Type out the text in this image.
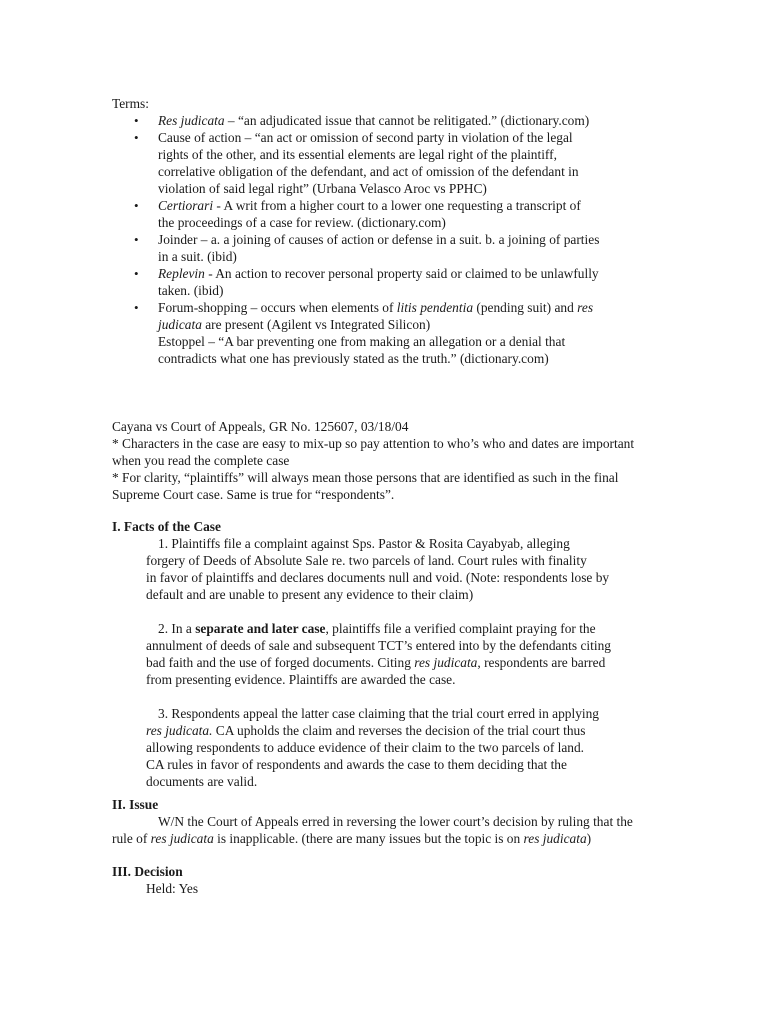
Terms:

• Res judicata – “an adjudicated issue that cannot be relitigated.” (dictionary.com)
• Cause of action – “an act or omission of second party in violation of the legal
rights of the other, and its essential elements are legal right of the plaintiff,
correlative obligation of the defendant, and act of omission of the defendant in
violation of said legal right” (Urbana Velasco Aroc vs PPHC)
• Certiorari - A writ from a higher court to a lower one requesting a transcript of
the proceedings of a case for review. (dictionary.com)
• Joinder – a. a joining of causes of action or defense in a suit. b. a joining of parties
in a suit. (ibid)
• Replevin - An action to recover personal property said or claimed to be unlawfully
taken. (ibid)
• Forum-shopping – occurs when elements of litis pendentia (pending suit) and res
judicata are present (Agilent vs Integrated Silicon)
Estoppel – “A bar preventing one from making an allegation or a denial that
contradicts what one has previously stated as the truth.” (dictionary.com)

Cayana vs Court of Appeals, GR No. 125607, 03/18/04

* Characters in the case are easy to mix-up so pay attention to who’s who and dates are important

when you read the complete case

* For clarity, “plaintiffs” will always mean those persons that are identified as such in the final

Supreme Court case. Same is true for “respondents”.

I. Facts of the Case

1. Plaintiffs file a complaint against Sps. Pastor & Rosita Cayabyab, alleging

forgery of Deeds of Absolute Sale re. two parcels of land. Court rules with finality

in favor of plaintiffs and declares documents null and void. (Note: respondents lose by

default and are unable to present any evidence to their claim)

2. In a separate and later case, plaintiffs file a verified complaint praying for the

annulment of deeds of sale and subsequent TCT’s entered into by the defendants citing

bad faith and the use of forged documents. Citing res judicata, respondents are barred

from presenting evidence. Plaintiffs are awarded the case.

3. Respondents appeal the latter case claiming that the trial court erred in applying

res judicata. CA upholds the claim and reverses the decision of the trial court thus

allowing respondents to adduce evidence of their claim to the two parcels of land.

CA rules in favor of respondents and awards the case to them deciding that the

documents are valid.

II. Issue

W/N the Court of Appeals erred in reversing the lower court’s decision by ruling that the

rule of res judicata is inapplicable. (there are many issues but the topic is on res judicata)

III. Decision

Held: Yes
